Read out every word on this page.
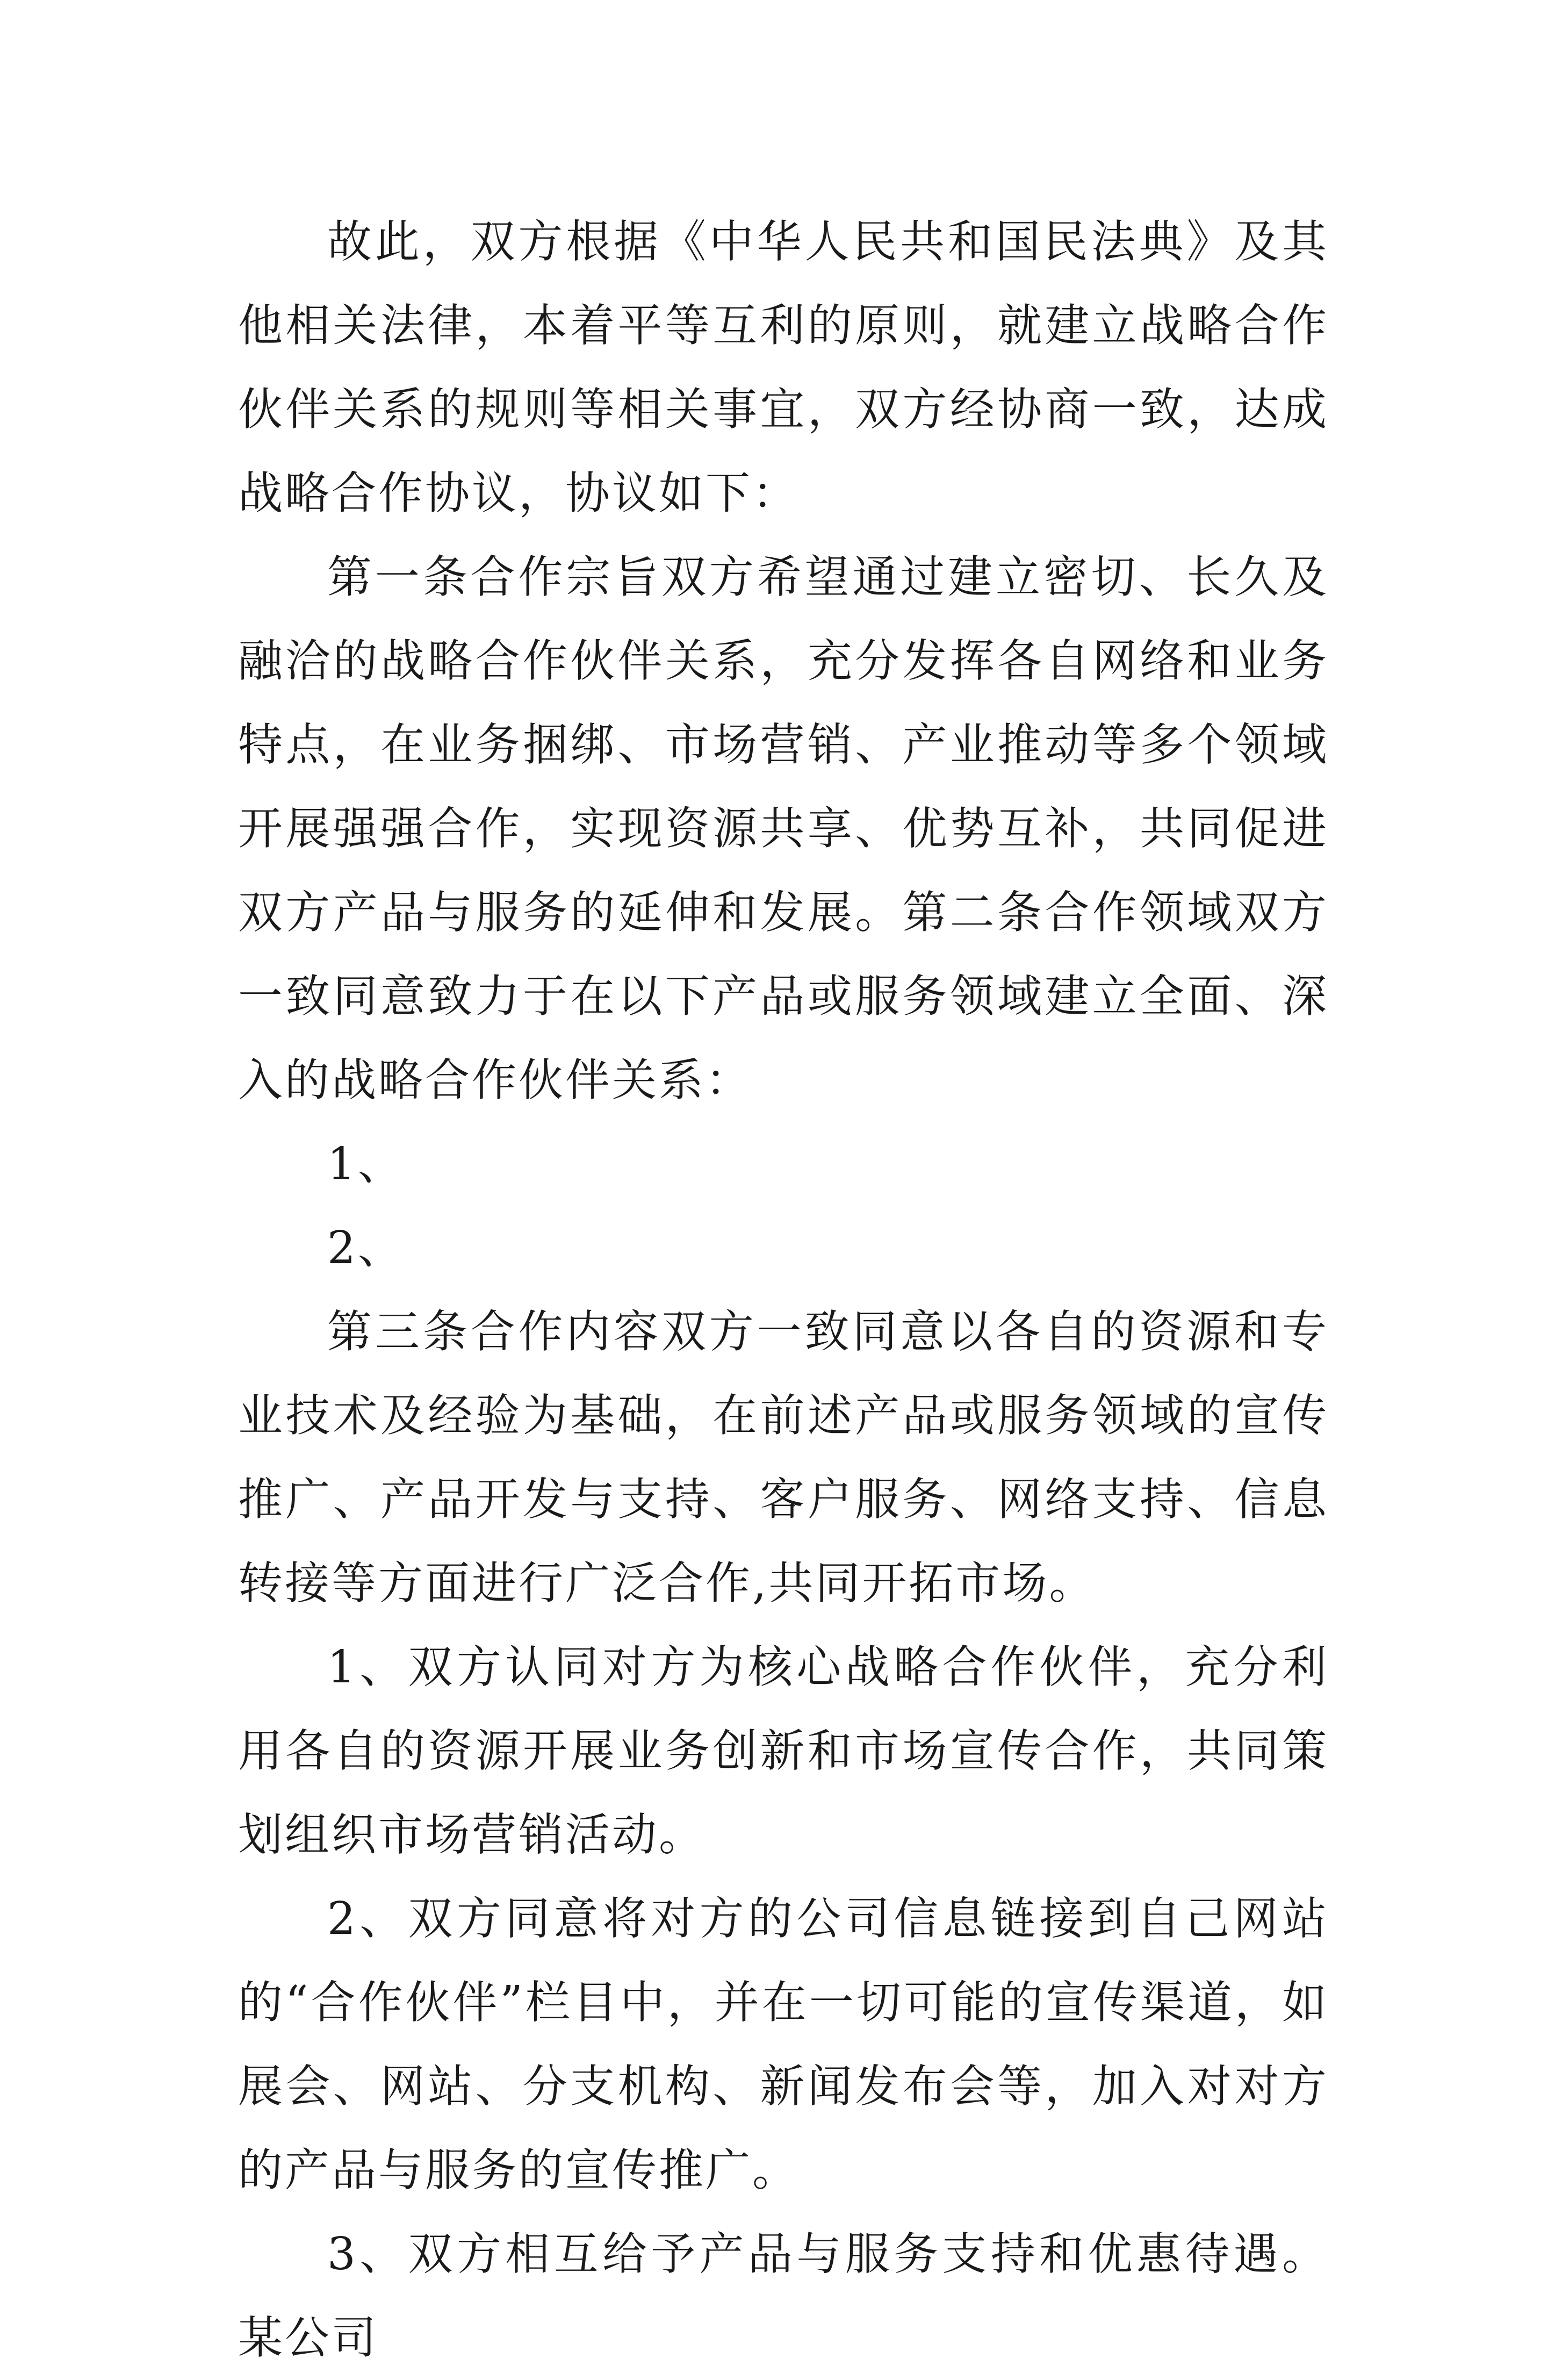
故此，双方根据《中华人民共和国民法典》及其他相关法律，本着平等互利的原则，就建立战略合作伙伴关系的规则等相关事宜，双方经协商一致，达成战略合作协议，协议如下：

第一条合作宗旨双方希望通过建立密切、长久及融洽的战略合作伙伴关系，充分发挥各自网络和业务特点，在业务捆绑、市场营销、产业推动等多个领域开展强强合作，实现资源共享、优势互补，共同促进双方产品与服务的延伸和发展。第二条合作领域双方一致同意致力于在以下产品或服务领域建立全面、深入的战略合作伙伴关系：

1、

2、

第三条合作内容双方一致同意以各自的资源和专业技术及经验为基础，在前述产品或服务领域的宣传推广、产品开发与支持、客户服务、网络支持、信息转接等方面进行广泛合作,共同开拓市场。

1、双方认同对方为核心战略合作伙伴，充分利用各自的资源开展业务创新和市场宣传合作，共同策划组织市场营销活动。

2、双方同意将对方的公司信息链接到自己网站的“合作伙伴”栏目中，并在一切可能的宣传渠道，如展会、网站、分支机构、新闻发布会等，加入对对方的产品与服务的宣传推广。

3、双方相互给予产品与服务支持和优惠待遇。某公司
